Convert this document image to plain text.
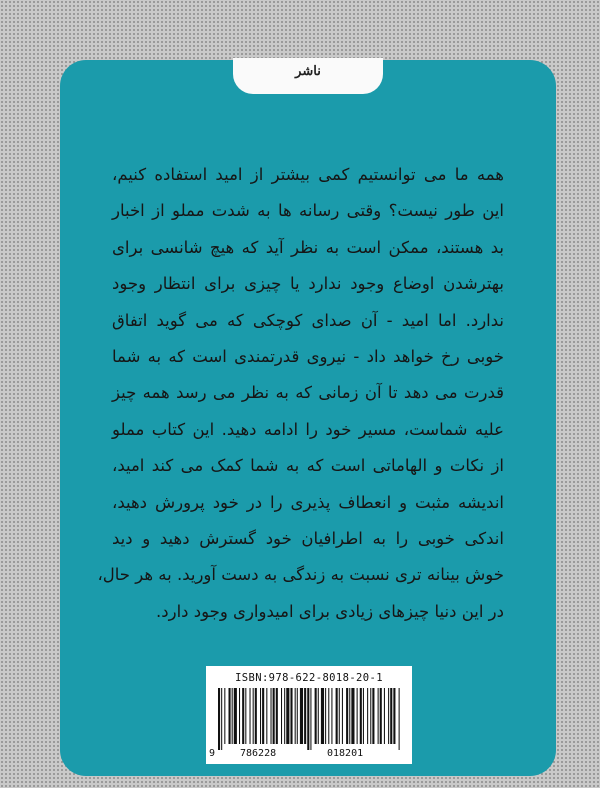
ناشر
همه ما می توانستیم کمی بیشتر از امید استفاده کنیم،
این طور نیست؟ وقتی رسانه ها به شدت مملو از اخبار
بد هستند، ممکن است به نظر آید که هیچ شانسی برای
بهترشدن اوضاع وجود ندارد یا چیزی برای انتظار وجود
ندارد. اما امید - آن صدای کوچکی که می گوید اتفاق
خوبی رخ خواهد داد - نیروی قدرتمندی است که به شما
قدرت می دهد تا آن زمانی که به نظر می رسد همه چیز
علیه شماست، مسیر خود را ادامه دهید. این کتاب مملو
از نکات و الهاماتی است که به شما کمک می کند امید،
اندیشه مثبت و انعطاف پذیری را در خود پرورش دهید،
اندکی خوبی را به اطرافیان خود گسترش دهید و دید
خوش بینانه تری نسبت به زندگی به دست آورید. به هر حال،
در این دنیا چیزهای زیادی برای امیدواری وجود دارد.
ISBN:978-622-8018-20-1
9 786228	018201
